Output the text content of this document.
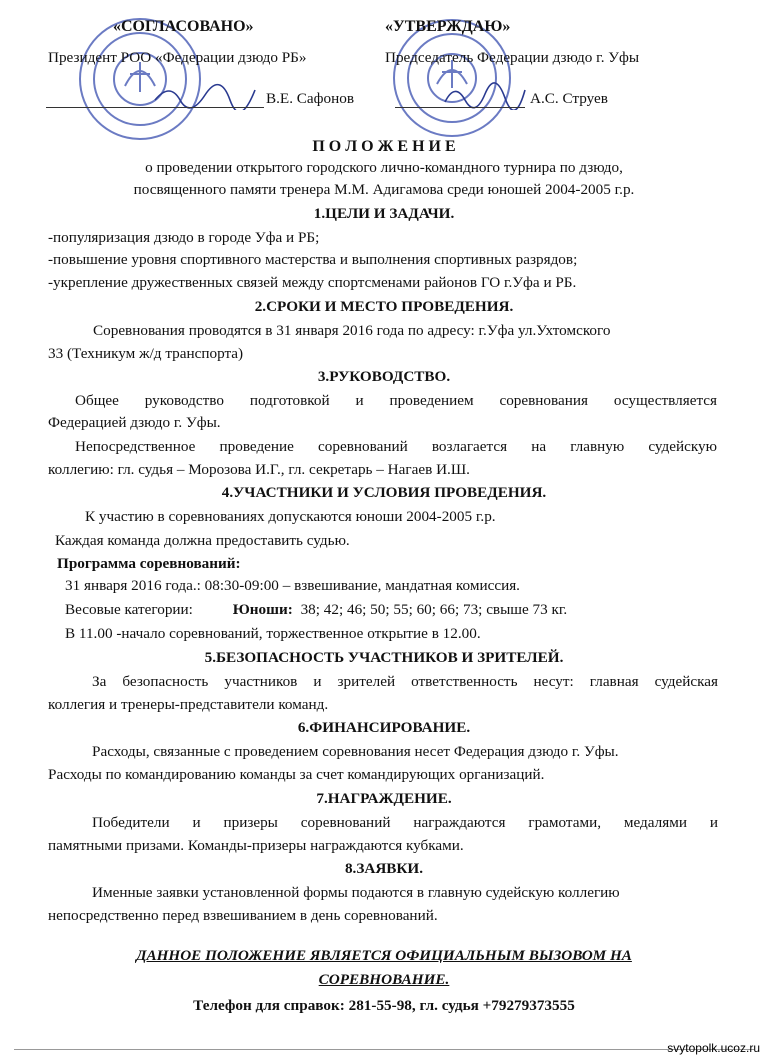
«СОГЛАСОВАНО»
Президент РОО «Федерации дзюдо РБ»
В.Е. Сафонов
«УТВЕРЖДАЮ»
Председатель Федерации дзюдо г. Уфы
А.С. Струев
П О Л О Ж Е Н И Е
о проведении открытого городского лично-командного турнира по дзюдо,
посвященного памяти тренера М.М. Адигамова среди юношей 2004-2005 г.р.
1.ЦЕЛИ И ЗАДАЧИ.
-популяризация дзюдо в городе Уфа и РБ;
-повышение уровня спортивного мастерства и выполнения спортивных разрядов;
-укрепление дружественных связей между спортсменами районов ГО г.Уфа и РБ.
2.СРОКИ И МЕСТО ПРОВЕДЕНИЯ.
Соревнования проводятся в 31 января 2016 года по адресу: г.Уфа ул.Ухтомского
33 (Техникум ж/д транспорта)
3.РУКОВОДСТВО.
Общее руководство подготовкой и проведением соревнования осуществляется
Федерацией дзюдо г. Уфы.
Непосредственное проведение соревнований возлагается на главную судейскую
коллегию: гл. судья – Морозова И.Г., гл. секретарь – Нагаев И.Ш.
4.УЧАСТНИКИ И УСЛОВИЯ ПРОВЕДЕНИЯ.
К участию в соревнованиях допускаются юноши 2004-2005 г.р.
Каждая команда должна предоставить судью.
Программа соревнований:
31 января 2016 года.: 08:30-09:00 – взвешивание, мандатная комиссия.
Весовые категории:	Юноши: 38; 42; 46; 50; 55; 60; 66; 73; свыше 73 кг.
В 11.00 -начало соревнований, торжественное открытие в 12.00.
5.БЕЗОПАСНОСТЬ УЧАСТНИКОВ И ЗРИТЕЛЕЙ.
За безопасность участников и зрителей ответственность несут: главная судейская
коллегия и тренеры-представители команд.
6.ФИНАНСИРОВАНИЕ.
Расходы, связанные с проведением соревнования несет Федерация дзюдо г. Уфы.
Расходы по командированию команды за счет командирующих организаций.
7.НАГРАЖДЕНИЕ.
Победители и призеры соревнований награждаются грамотами, медалями и
памятными призами. Команды-призеры награждаются кубками.
8.ЗАЯВКИ.
Именные заявки установленной формы подаются в главную судейскую коллегию
непосредственно перед взвешиванием в день соревнований.
ДАННОЕ ПОЛОЖЕНИЕ ЯВЛЯЕТСЯ ОФИЦИАЛЬНЫМ ВЫЗОВОМ НА
СОРЕВНОВАНИЕ.
Телефон для справок: 281-55-98, гл. судья +79279373555
svytopolk.ucoz.ru
